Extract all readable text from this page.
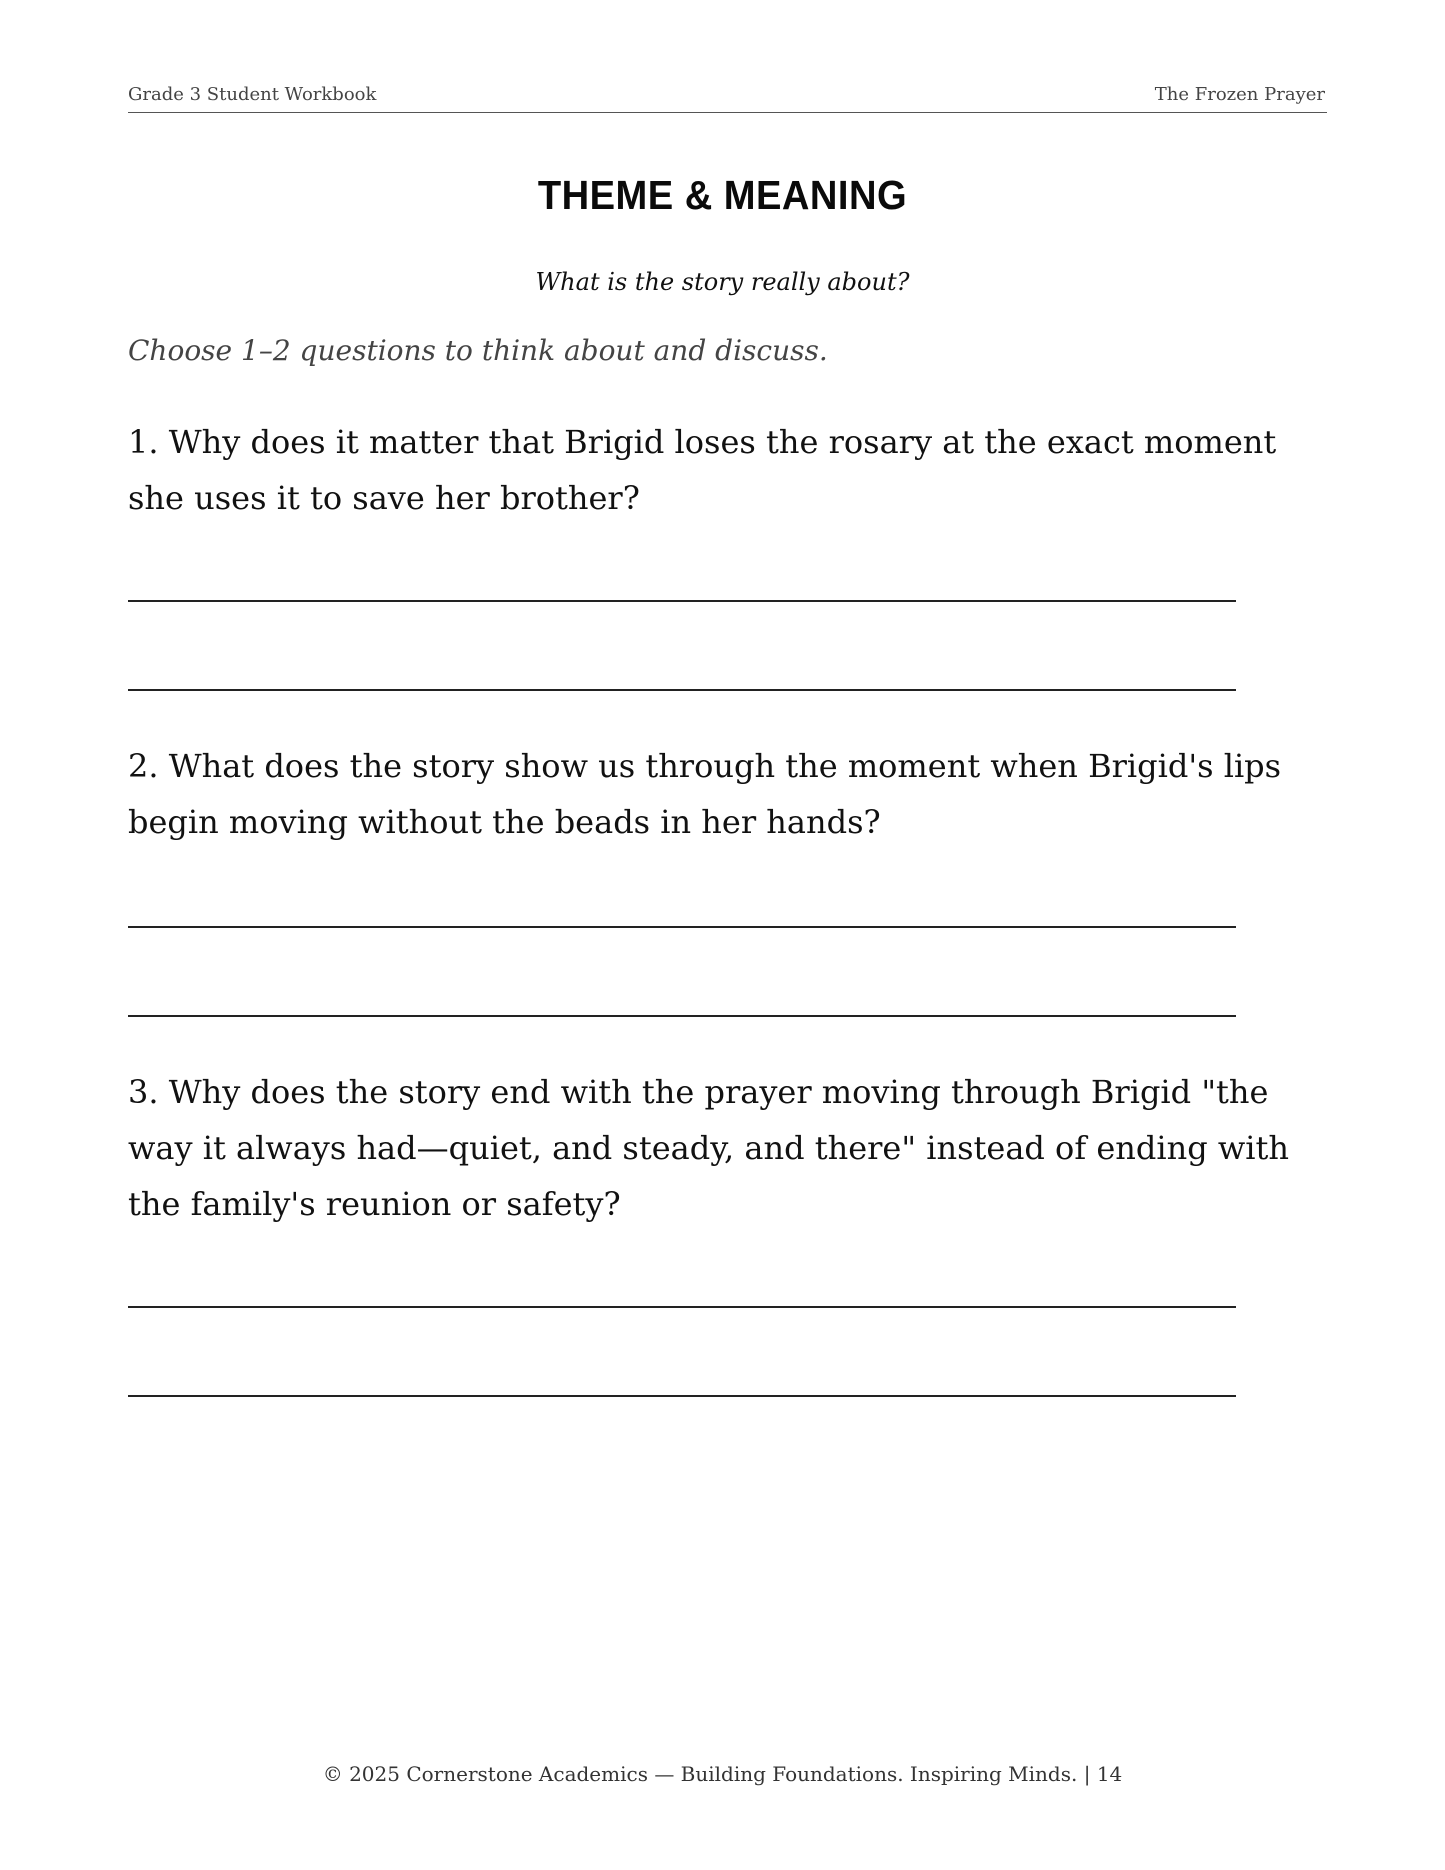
Grade 3 Student Workbook	The Frozen Prayer
THEME & MEANING
What is the story really about?
Choose 1–2 questions to think about and discuss.
1. Why does it matter that Brigid loses the rosary at the exact moment she uses it to save her brother?
2. What does the story show us through the moment when Brigid's lips begin moving without the beads in her hands?
3. Why does the story end with the prayer moving through Brigid "the way it always had—quiet, and steady, and there" instead of ending with the family's reunion or safety?
© 2025 Cornerstone Academics — Building Foundations. Inspiring Minds. | 14
